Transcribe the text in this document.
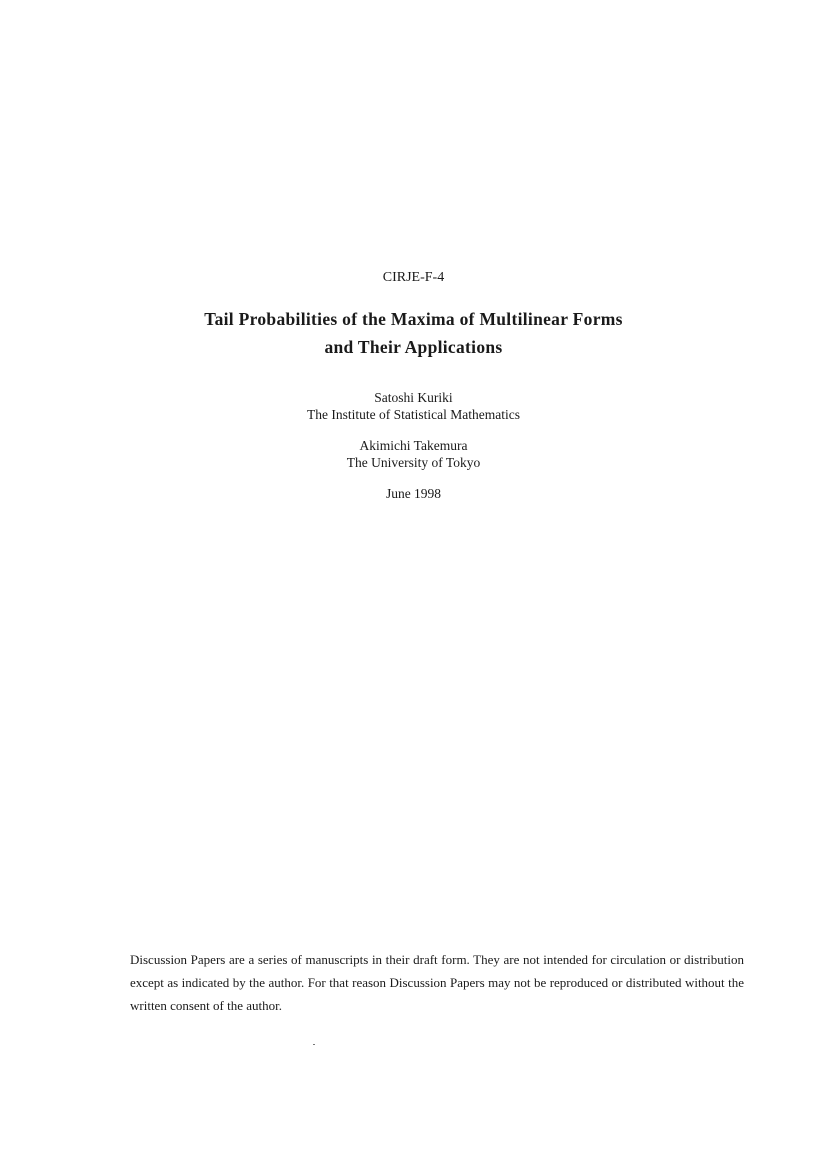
CIRJE-F-4
Tail Probabilities of the Maxima of Multilinear Forms
and Their Applications
Satoshi Kuriki
The Institute of Statistical Mathematics
Akimichi Takemura
The University of Tokyo
June 1998
Discussion Papers are a series of manuscripts in their draft form. They are not intended for circulation or distribution except as indicated by the author. For that reason Discussion Papers may not be reproduced or distributed without the written consent of the author.
